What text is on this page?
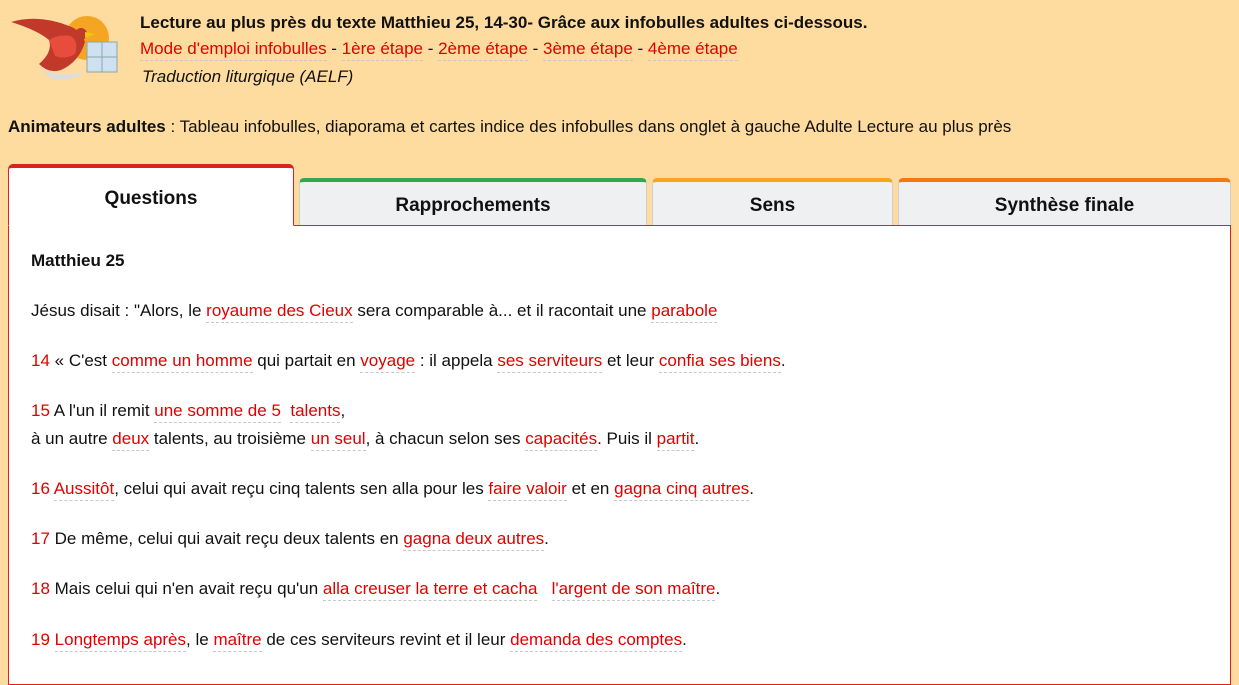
Lecture au plus près du texte Matthieu 25, 14-30- Grâce aux infobulles adultes ci-dessous.
Mode d'emploi infobulles - 1ère étape - 2ème étape - 3ème étape - 4ème étape
Traduction liturgique (AELF)
Animateurs adultes : Tableau infobulles, diaporama et cartes indice des infobulles dans onglet à gauche Adulte Lecture au plus près
Questions	Rapprochements	Sens	Synthèse finale
Matthieu 25
Jésus disait : "Alors, le royaume des Cieux sera comparable à... et il racontait une parabole
14 « C'est comme un homme qui partait en voyage : il appela ses serviteurs et leur confia ses biens.
15 A l'un il remit une somme de 5 talents,
à un autre deux talents, au troisième un seul, à chacun selon ses capacités. Puis il partit.
16 Aussitôt, celui qui avait reçu cinq talents sen alla pour les faire valoir et en gagna cinq autres.
17 De même, celui qui avait reçu deux talents en gagna deux autres.
18 Mais celui qui n'en avait reçu qu'un alla creuser la terre et cacha l'argent de son maître.
19 Longtemps après, le maître de ces serviteurs revint et il leur demanda des comptes.
